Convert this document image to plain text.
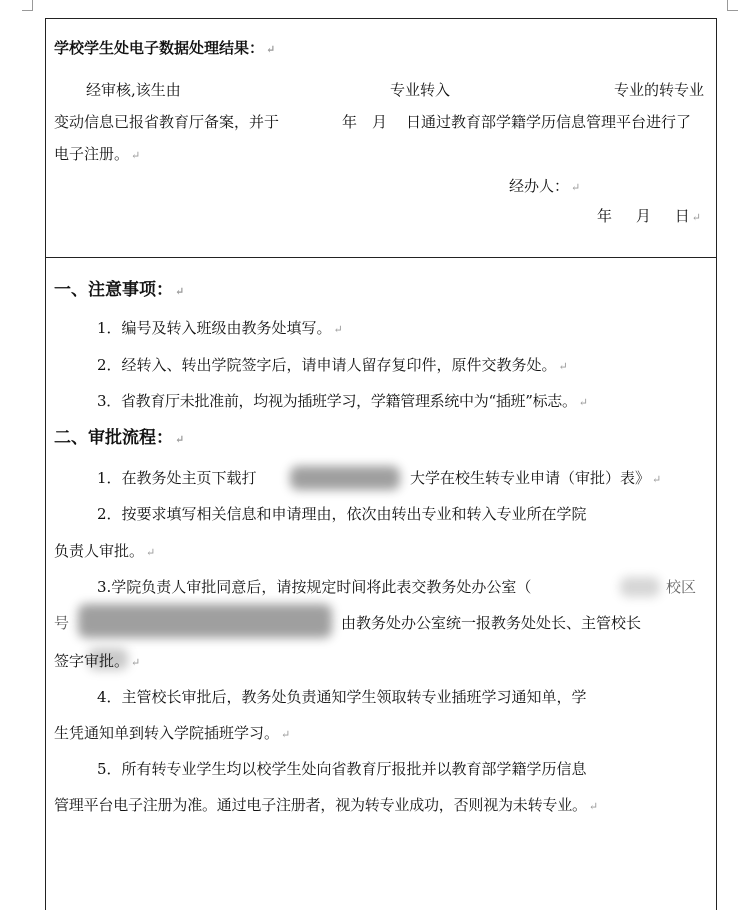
学校学生处电子数据处理结果： ↵
经审核,该生由	专业转入	专业的转专业
变动信息已报省教育厅备案，并于	年 月 日通过教育部学籍学历信息管理平台进行了
电子注册。 ↵
经办人： ↵
年 月 日 ↵
一、注意事项： ↵
1．编号及转入班级由教务处填写。 ↵
2．经转入、转出学院签字后，请申请人留存复印件，原件交教务处。 ↵
3．省教育厅未批准前，均视为插班学习，学籍管理系统中为“插班”标志。 ↵
二、审批流程： ↵
1．在教务处主页下载打	大学在校生转专业申请（审批）表》 ↵
2．按要求填写相关信息和申请理由，依次由转出专业和转入专业所在学院
负责人审批。 ↵
3.学院负责人审批同意后，请按规定时间将此表交教务处办公室（	校区
号	由教务处办公室统一报教务处处长、主管校长
签字审批。 ↵
4．主管校长审批后，教务处负责通知学生领取转专业插班学习通知单，学
生凭通知单到转入学院插班学习。 ↵
5．所有转专业学生均以校学生处向省教育厅报批并以教育部学籍学历信息
管理平台电子注册为准。通过电子注册者，视为转专业成功，否则视为未转专业。 ↵
